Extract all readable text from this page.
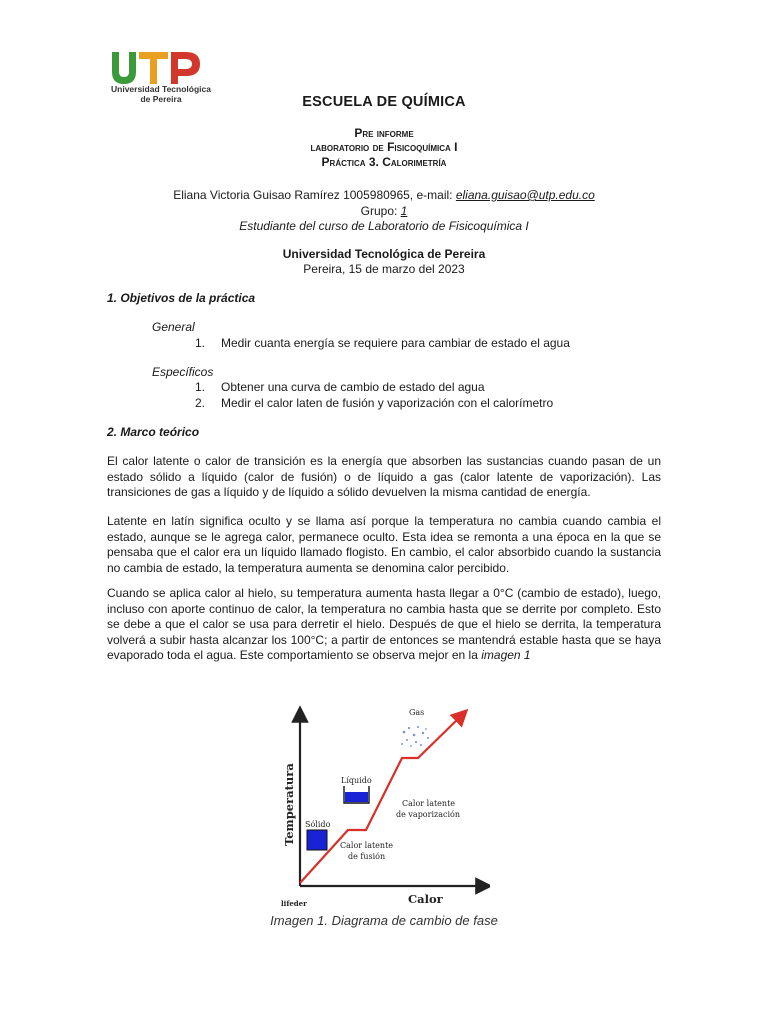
Universidad Tecnológica
de Pereira	ESCUELA DE QUÍMICA
Pre informe
laboratorio de Fisicoquímica I
Práctica 3. Calorimetría
Eliana Victoria Guisao Ramírez 1005980965, e-mail: eliana.guisao@utp.edu.co
Grupo: 1
Estudiante del curso de Laboratorio de Fisicoquímica I
Universidad Tecnológica de Pereira
Pereira, 15 de marzo del 2023
1. Objetivos de la práctica
General
1. Medir cuanta energía se requiere para cambiar de estado el agua
Específicos
1. Obtener una curva de cambio de estado del agua
2. Medir el calor laten de fusión y vaporización con el calorímetro
2. Marco teórico
El calor latente o calor de transición es la energía que absorben las sustancias cuando pasan de un estado sólido a líquido (calor de fusión) o de líquido a gas (calor latente de vaporización). Las transiciones de gas a líquido y de líquido a sólido devuelven la misma cantidad de energía.
Latente en latín significa oculto y se llama así porque la temperatura no cambia cuando cambia el estado, aunque se le agrega calor, permanece oculto. Esta idea se remonta a una época en la que se pensaba que el calor era un líquido llamado flogisto. En cambio, el calor absorbido cuando la sustancia no cambia de estado, la temperatura aumenta se denomina calor percibido.
Cuando se aplica calor al hielo, su temperatura aumenta hasta llegar a 0°C (cambio de estado), luego, incluso con aporte continuo de calor, la temperatura no cambia hasta que se derrite por completo. Esto se debe a que el calor se usa para derretir el hielo. Después de que el hielo se derrita, la temperatura volverá a subir hasta alcanzar los 100°C; a partir de entonces se mantendrá estable hasta que se haya evaporado toda el agua. Este comportamiento se observa mejor en la imagen 1
Temperatura
Calor
Sólido
Líquido
Gas
Calor latente
de fusión
Calor latente
de vaporización
lifeder
Imagen 1. Diagrama de cambio de fase
